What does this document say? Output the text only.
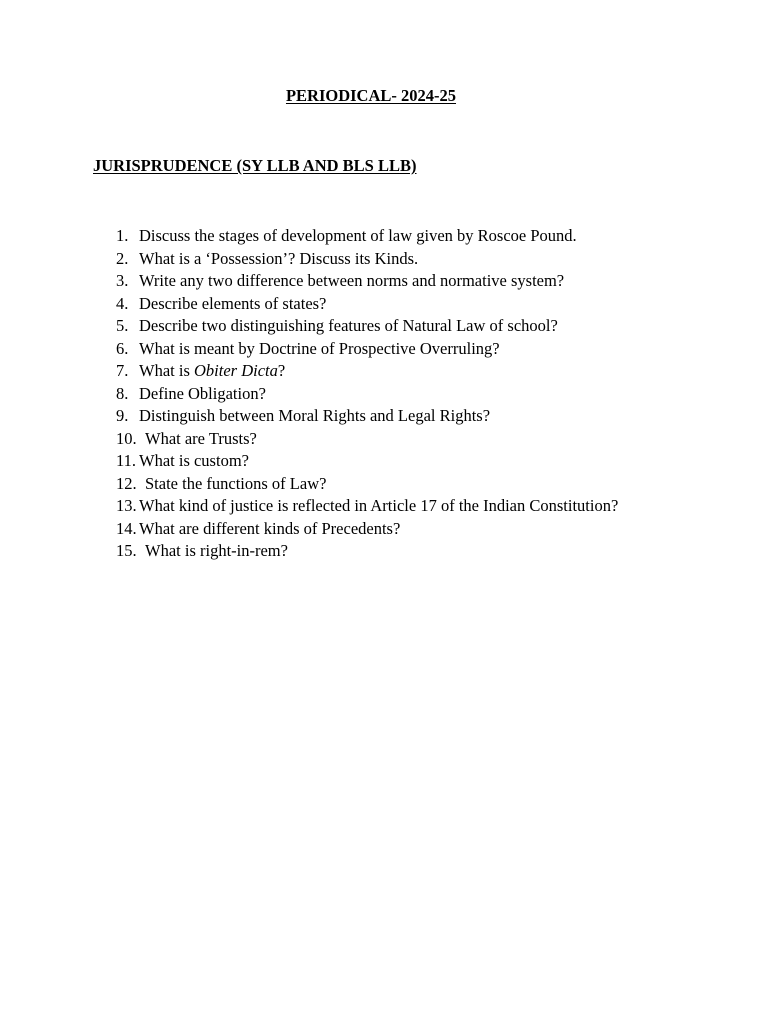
PERIODICAL- 2024-25
JURISPRUDENCE (SY LLB AND BLS LLB)
1. Discuss the stages of development of law given by Roscoe Pound.
2. What is a ‘Possession’? Discuss its Kinds.
3. Write any two difference between norms and normative system?
4. Describe elements of states?
5. Describe two distinguishing features of Natural Law of school?
6. What is meant by Doctrine of Prospective Overruling?
7. What is Obiter Dicta?
8. Define Obligation?
9. Distinguish between Moral Rights and Legal Rights?
10. What are Trusts?
11. What is custom?
12. State the functions of Law?
13. What kind of justice is reflected in Article 17 of the Indian Constitution?
14. What are different kinds of Precedents?
15. What is right-in-rem?
